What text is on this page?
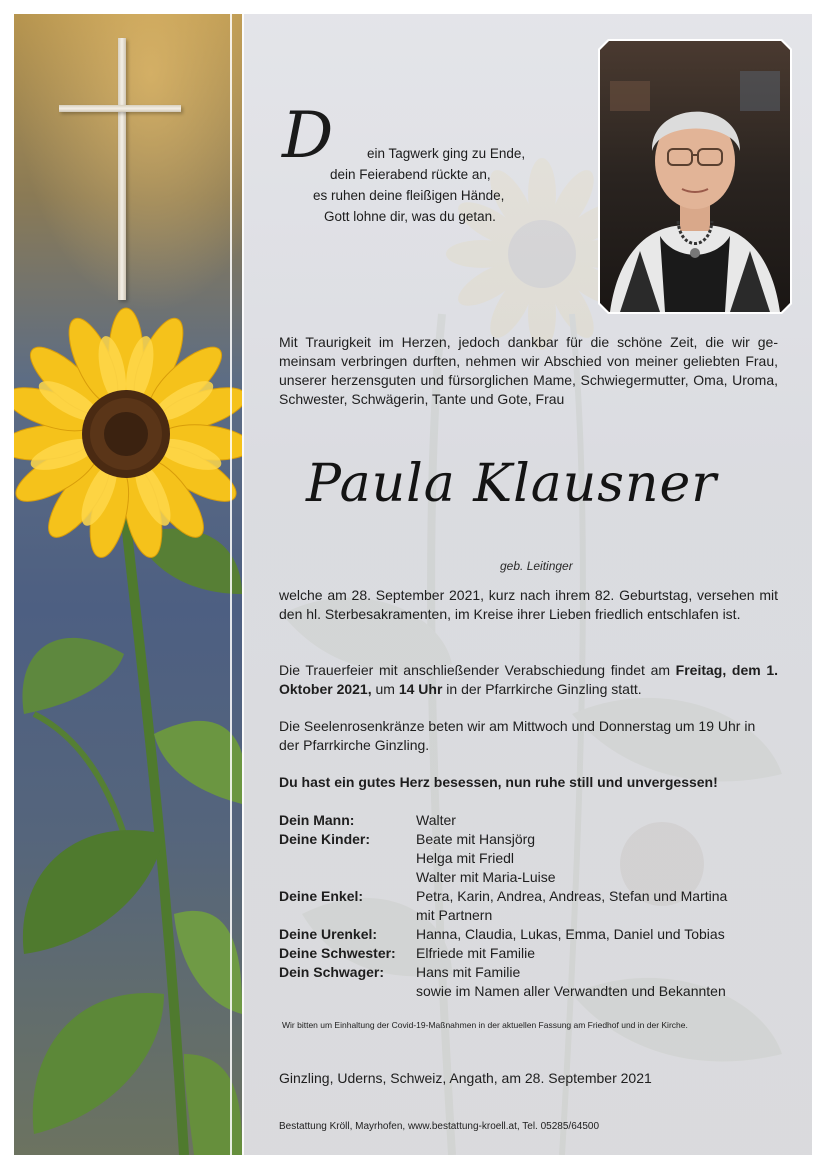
D ein Tagwerk ging zu Ende,
dein Feierabend rückte an,
es ruhen deine fleißigen Hände,
Gott lohne dir, was du getan.
Mit Traurigkeit im Herzen, jedoch dankbar für die schöne Zeit, die wir ge-meinsam verbringen durften, nehmen wir Abschied von meiner geliebten Frau, unserer herzensguten und fürsorglichen Mame, Schwiegermutter, Oma, Uroma, Schwester, Schwägerin, Tante und Gote, Frau
Paula Klausner
geb. Leitinger
welche am 28. September 2021, kurz nach ihrem 82. Geburtstag, versehen mit den hl. Sterbesakramenten, im Kreise ihrer Lieben friedlich entschlafen ist.
Die Trauerfeier mit anschließender Verabschiedung findet am Freitag, dem 1. Oktober 2021, um 14 Uhr in der Pfarrkirche Ginzling statt.
Die Seelenrosenkränze beten wir am Mittwoch und Donnerstag um 19 Uhr in der Pfarrkirche Ginzling.
Du hast ein gutes Herz besessen, nun ruhe still und unvergessen!
Dein Mann:	Walter
Deine Kinder:	Beate mit Hansjörg
Helga mit Friedl
Walter mit Maria-Luise
Deine Enkel:	Petra, Karin, Andrea, Andreas, Stefan und Martina
mit Partnern
Deine Urenkel:	Hanna, Claudia, Lukas, Emma, Daniel und Tobias
Deine Schwester: Elfriede mit Familie
Dein Schwager: Hans mit Familie
sowie im Namen aller Verwandten und Bekannten
Wir bitten um Einhaltung der Covid-19-Maßnahmen in der aktuellen Fassung am Friedhof und in der Kirche.
Ginzling, Uderns, Schweiz, Angath, am 28. September 2021
Bestattung Kröll, Mayrhofen, www.bestattung-kroell.at, Tel. 05285/64500
